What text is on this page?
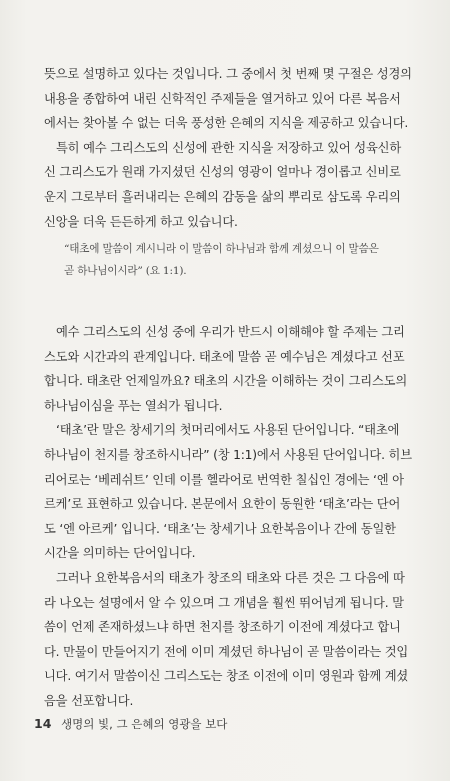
뜻으로 설명하고 있다는 것입니다. 그 중에서 첫 번째 몇 구절은 성경의
내용을 종합하여 내린 신학적인 주제들을 열거하고 있어 다른 복음서
에서는 찾아볼 수 없는 더욱 풍성한 은혜의 지식을 제공하고 있습니다.

특히 예수 그리스도의 신성에 관한 지식을 저장하고 있어 성육신하
신 그리스도가 원래 가지셨던 신성의 영광이 얼마나 경이롭고 신비로
운지 그로부터 흘러내리는 은혜의 감동을 삶의 뿌리로 삼도록 우리의
신앙을 더욱 든든하게 하고 있습니다.

“태초에 말씀이 계시니라 이 말씀이 하나님과 함께 계셨으니 이 말씀은
곧 하나님이시라” (요 1:1).

예수 그리스도의 신성 중에 우리가 반드시 이해해야 할 주제는 그리
스도와 시간과의 관계입니다. 태초에 말씀 곧 예수님은 계셨다고 선포
합니다. 태초란 언제일까요? 태초의 시간을 이해하는 것이 그리스도의
하나님이심을 푸는 열쇠가 됩니다.

‘태초’란 말은 창세기의 첫머리에서도 사용된 단어입니다. “태초에
하나님이 천지를 창조하시니라” (창 1:1)에서 사용된 단어입니다. 히브
리어로는 ‘베레쉬트’ 인데 이를 헬라어로 번역한 칠십인 경에는 ‘엔 아
르케’로 표현하고 있습니다. 본문에서 요한이 동원한 ‘태초’라는 단어
도 ‘엔 아르케’ 입니다. ‘태초’는 창세기나 요한복음이나 간에 동일한
시간을 의미하는 단어입니다.

그러나 요한복음서의 태초가 창조의 태초와 다른 것은 그 다음에 따
라 나오는 설명에서 알 수 있으며 그 개념을 훨씬 뛰어넘게 됩니다. 말
씀이 언제 존재하셨느냐 하면 천지를 창조하기 이전에 계셨다고 합니
다. 만물이 만들어지기 전에 이미 계셨던 하나님이 곧 말씀이라는 것입
니다. 여기서 말씀이신 그리스도는 창조 이전에 이미 영원과 함께 계셨
음을 선포합니다.

14 생명의 빛, 그 은혜의 영광을 보다
